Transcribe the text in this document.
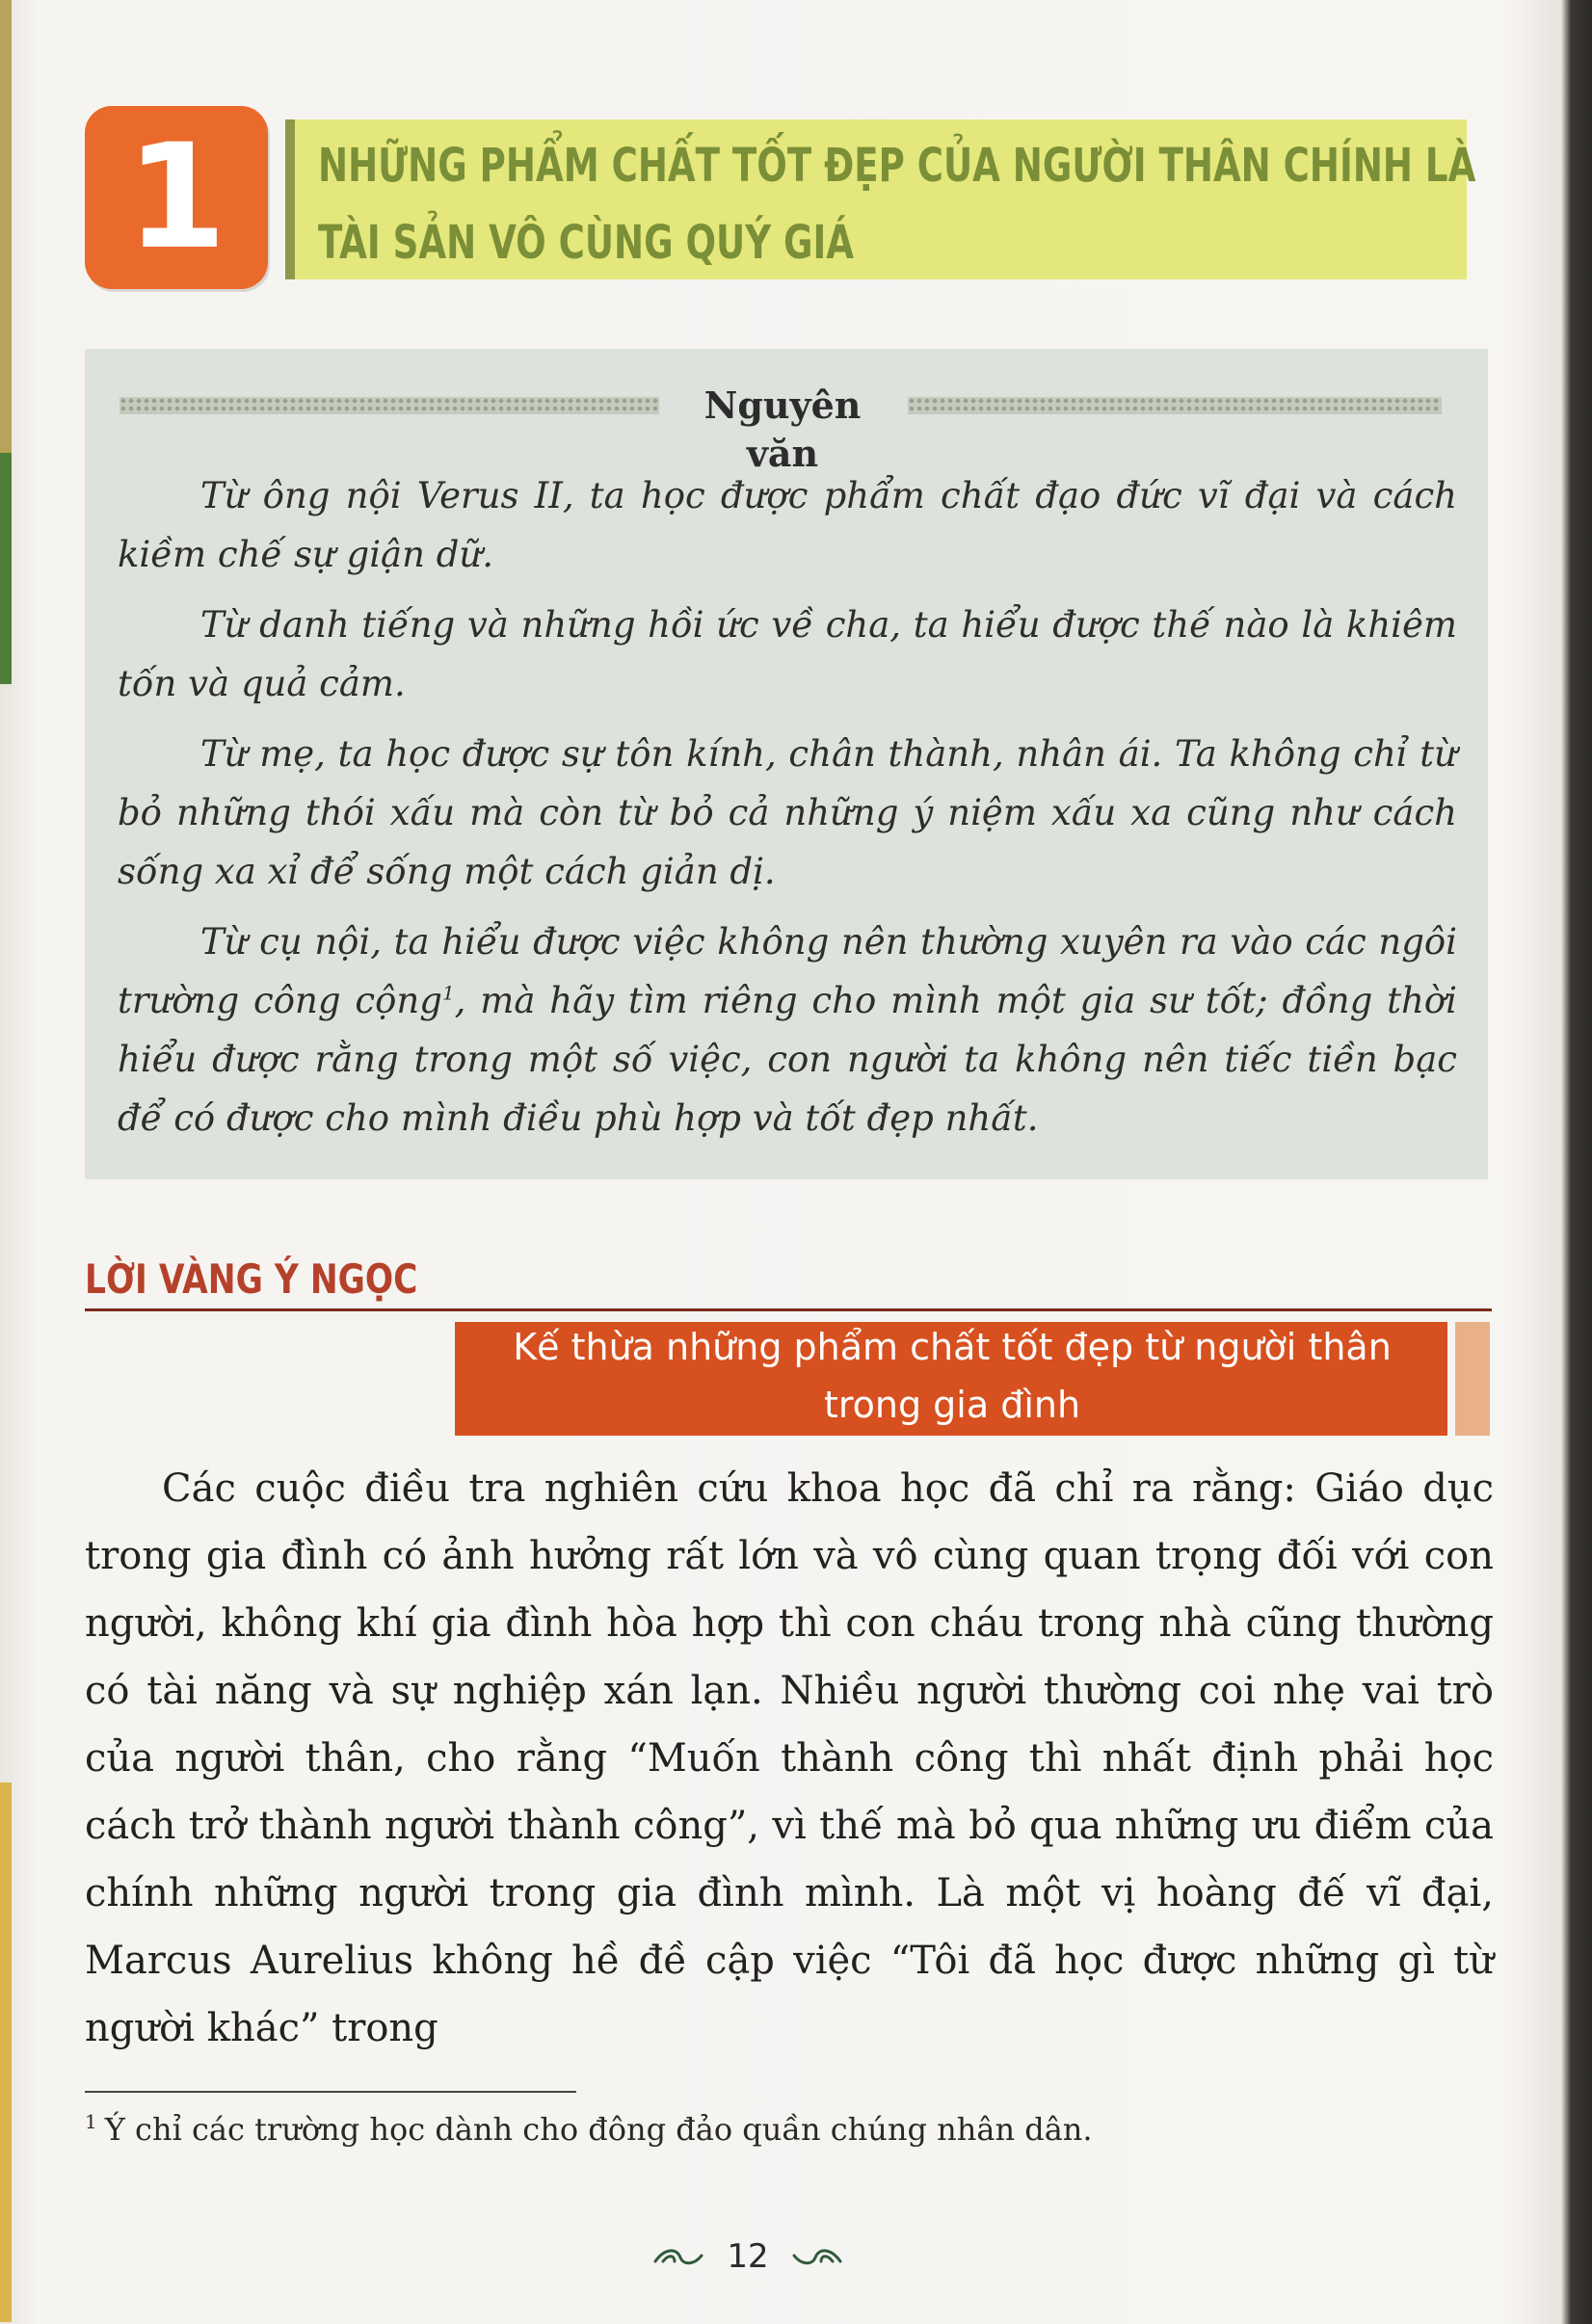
1 NHỮNG PHẨM CHẤT TỐT ĐẸP CỦA NGƯỜI THÂN CHÍNH LÀ
TÀI SẢN VÔ CÙNG QUÝ GIÁ
Nguyên văn

Từ ông nội Verus II, ta học được phẩm chất đạo đức vĩ đại và cách kiềm chế sự giận dữ.

Từ danh tiếng và những hồi ức về cha, ta hiểu được thế nào là khiêm tốn và quả cảm.

Từ mẹ, ta học được sự tôn kính, chân thành, nhân ái. Ta không chỉ từ bỏ những thói xấu mà còn từ bỏ cả những ý niệm xấu xa cũng như cách sống xa xỉ để sống một cách giản dị.

Từ cụ nội, ta hiểu được việc không nên thường xuyên ra vào các ngôi trường công cộng$^1$, mà hãy tìm riêng cho mình một gia sư tốt; đồng thời hiểu được rằng trong một số việc, con người ta không nên tiếc tiền bạc để có được cho mình điều phù hợp và tốt đẹp nhất.

LỜI VÀNG Ý NGỌC
Kế thừa những phẩm chất tốt đẹp từ người thân trong gia đình

Các cuộc điều tra nghiên cứu khoa học đã chỉ ra rằng: Giáo dục trong gia đình có ảnh hưởng rất lớn và vô cùng quan trọng đối với con người, không khí gia đình hòa hợp thì con cháu trong nhà cũng thường có tài năng và sự nghiệp xán lạn. Nhiều người thường coi nhẹ vai trò của người thân, cho rằng “Muốn thành công thì nhất định phải học cách trở thành người thành công”, vì thế mà bỏ qua những ưu điểm của chính những người trong gia đình mình. Là một vị hoàng đế vĩ đại, Marcus Aurelius không hề đề cập việc “Tôi đã học được những gì từ người khác” trong

$^1$ Ý chỉ các trường học dành cho đông đảo quần chúng nhân dân.
12
